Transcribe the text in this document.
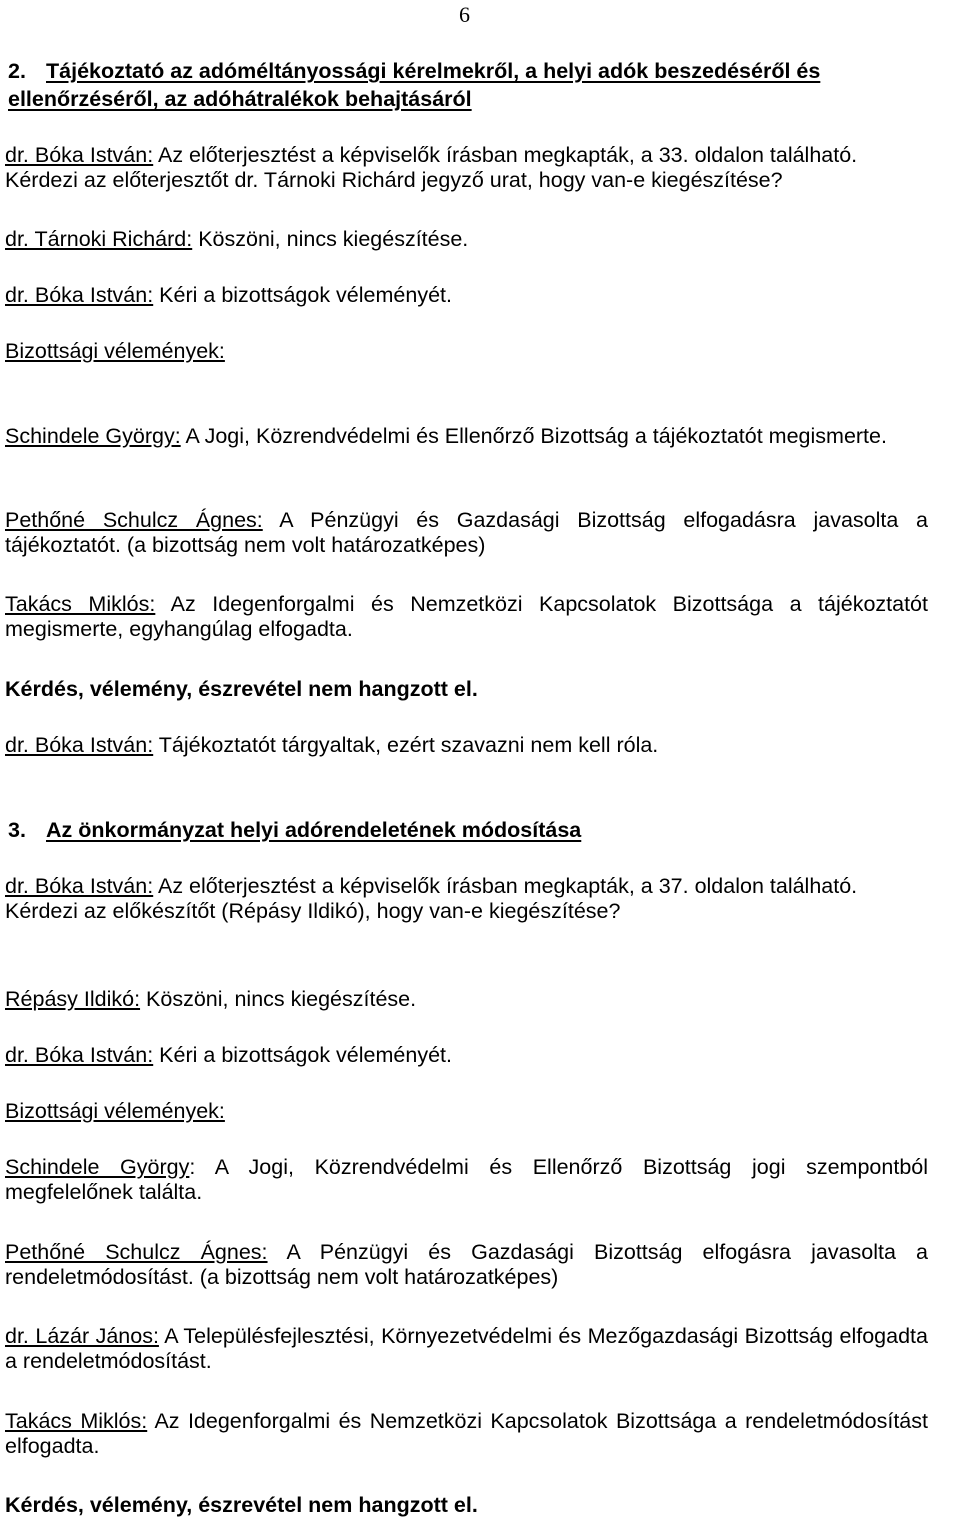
6
2. Tájékoztató az adóméltányossági kérelmekről, a helyi adók beszedéséről és ellenőrzéséről, az adóhátralékok behajtásáról
dr. Bóka István: Az előterjesztést a képviselők írásban megkapták, a 33. oldalon található.
Kérdezi az előterjesztőt dr. Tárnoki Richárd jegyző urat, hogy van-e kiegészítése?
dr. Tárnoki Richárd: Köszöni, nincs kiegészítése.
dr. Bóka István: Kéri a bizottságok véleményét.
Bizottsági vélemények:
Schindele György: A Jogi, Közrendvédelmi és Ellenőrző Bizottság a tájékoztatót megismerte.
Pethőné Schulcz Ágnes: A Pénzügyi és Gazdasági Bizottság elfogadásra javasolta a tájékoztatót. (a bizottság nem volt határozatképes)
Takács Miklós: Az Idegenforgalmi és Nemzetközi Kapcsolatok Bizottsága a tájékoztatót megismerte, egyhangúlag elfogadta.
Kérdés, vélemény, észrevétel nem hangzott el.
dr. Bóka István: Tájékoztatót tárgyaltak, ezért szavazni nem kell róla.
3. Az önkormányzat helyi adórendeletének módosítása
dr. Bóka István: Az előterjesztést a képviselők írásban megkapták, a 37. oldalon található.
Kérdezi az előkészítőt (Répásy Ildikó), hogy van-e kiegészítése?
Répásy Ildikó: Köszöni, nincs kiegészítése.
dr. Bóka István: Kéri a bizottságok véleményét.
Bizottsági vélemények:
Schindele György: A Jogi, Közrendvédelmi és Ellenőrző Bizottság jogi szempontból megfelelőnek találta.
Pethőné Schulcz Ágnes: A Pénzügyi és Gazdasági Bizottság elfogásra javasolta a rendeletmódosítást. (a bizottság nem volt határozatképes)
dr. Lázár János: A Településfejlesztési, Környezetvédelmi és Mezőgazdasági Bizottság elfogadta a rendeletmódosítást.
Takács Miklós: Az Idegenforgalmi és Nemzetközi Kapcsolatok Bizottsága a rendeletmódosítást elfogadta.
Kérdés, vélemény, észrevétel nem hangzott el.
